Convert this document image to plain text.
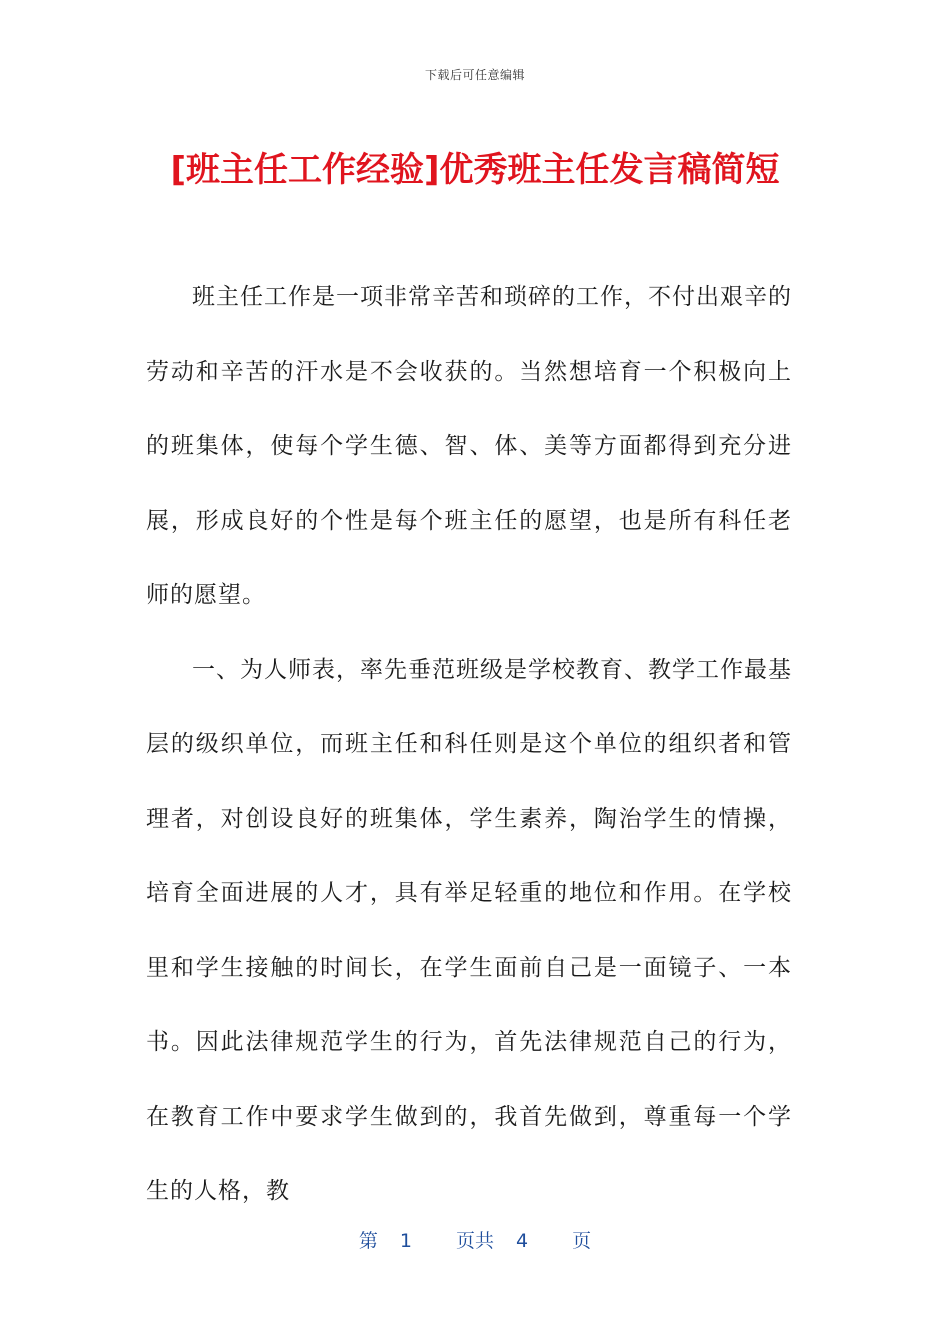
下载后可任意编辑
[班主任工作经验]优秀班主任发言稿简短

班主任工作是一项非常辛苦和琐碎的工作，不付出艰辛的劳动和辛苦的汗水是不会收获的。当然想培育一个积极向上的班集体，使每个学生德、智、体、美等方面都得到充分进展，形成良好的个性是每个班主任的愿望，也是所有科任老师的愿望。

一、为人师表，率先垂范班级是学校教育、教学工作最基层的级织单位，而班主任和科任则是这个单位的组织者和管理者，对创设良好的班集体，学生素养，陶治学生的情操，培育全面进展的人才，具有举足轻重的地位和作用。在学校里和学生接触的时间长，在学生面前自己是一面镜子、一本书。因此法律规范学生的行为，首先法律规范自己的行为，在教育工作中要求学生做到的，我首先做到，尊重每一个学生的人格，教

第 1 页共 4 页
